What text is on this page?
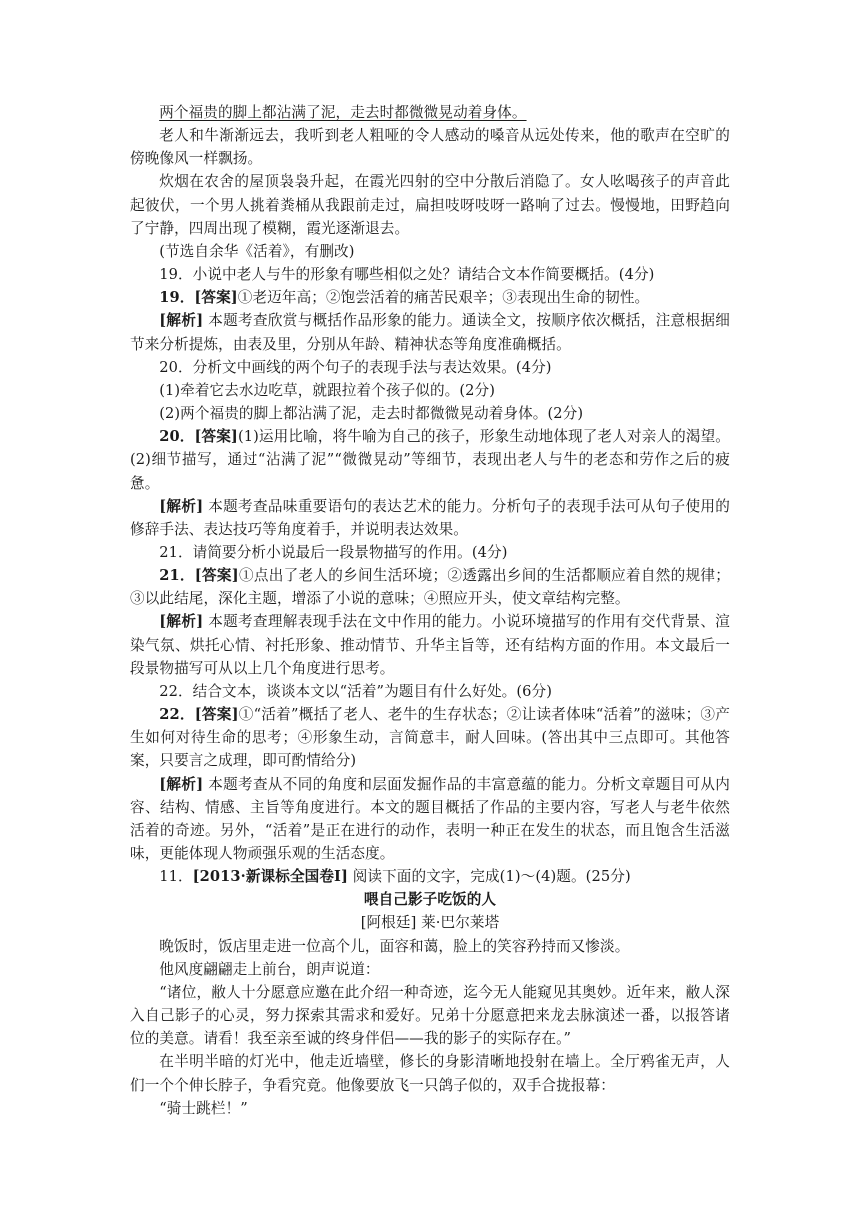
两个福贵的脚上都沾满了泥，走去时都微微晃动着身体。

老人和牛渐渐远去，我听到老人粗哑的令人感动的嗓音从远处传来，他的歌声在空旷的傍晚像风一样飘扬。

炊烟在农舍的屋顶袅袅升起，在霞光四射的空中分散后消隐了。女人吆喝孩子的声音此起彼伏，一个男人挑着粪桶从我跟前走过，扁担吱呀吱呀一路响了过去。慢慢地，田野趋向了宁静，四周出现了模糊，霞光逐渐退去。

(节选自余华《活着》，有删改)

19．小说中老人与牛的形象有哪些相似之处？请结合文本作简要概括。(4分)

19．[答案]①老迈年高；②饱尝活着的痛苦民艰辛；③表现出生命的韧性。

[解析] 本题考查欣赏与概括作品形象的能力。通读全文，按顺序依次概括，注意根据细节来分析提炼，由表及里，分别从年龄、精神状态等角度准确概括。

20．分析文中画线的两个句子的表现手法与表达效果。(4分)

(1)牵着它去水边吃草，就跟拉着个孩子似的。(2分)

(2)两个福贵的脚上都沾满了泥，走去时都微微晃动着身体。(2分)

20．[答案](1)运用比喻，将牛喻为自己的孩子，形象生动地体现了老人对亲人的渴望。(2)细节描写，通过“沾满了泥”“微微晃动”等细节，表现出老人与牛的老态和劳作之后的疲惫。

[解析] 本题考查品味重要语句的表达艺术的能力。分析句子的表现手法可从句子使用的修辞手法、表达技巧等角度着手，并说明表达效果。

21．请简要分析小说最后一段景物描写的作用。(4分)

21．[答案]①点出了老人的乡间生活环境；②透露出乡间的生活都顺应着自然的规律；③以此结尾，深化主题，增添了小说的意味；④照应开头，使文章结构完整。

[解析] 本题考查理解表现手法在文中作用的能力。小说环境描写的作用有交代背景、渲染气氛、烘托心情、衬托形象、推动情节、升华主旨等，还有结构方面的作用。本文最后一段景物描写可从以上几个角度进行思考。

22．结合文本，谈谈本文以“活着”为题目有什么好处。(6分)

22．[答案]①“活着”概括了老人、老牛的生存状态；②让读者体味“活着”的滋味；③产生如何对待生命的思考；④形象生动，言简意丰，耐人回味。(答出其中三点即可。其他答案，只要言之成理，即可酌情给分)

[解析] 本题考查从不同的角度和层面发掘作品的丰富意蕴的能力。分析文章题目可从内容、结构、情感、主旨等角度进行。本文的题目概括了作品的主要内容，写老人与老牛依然活着的奇迹。另外，“活着”是正在进行的动作，表明一种正在发生的状态，而且饱含生活滋味，更能体现人物顽强乐观的生活态度。

11．[2013·新课标全国卷Ⅰ] 阅读下面的文字，完成(1)～(4)题。(25分)

喂自己影子吃饭的人

[阿根廷] 莱·巴尔莱塔

晚饭时，饭店里走进一位高个儿，面容和蔼，脸上的笑容矜持而又惨淡。

他风度翩翩走上前台，朗声说道：

“诸位，敝人十分愿意应邀在此介绍一种奇迹，迄今无人能窥见其奥妙。近年来，敝人深入自己影子的心灵，努力探索其需求和爱好。兄弟十分愿意把来龙去脉演述一番，以报答诸位的美意。请看！我至亲至诚的终身伴侣——我的影子的实际存在。”

在半明半暗的灯光中，他走近墙壁，修长的身影清晰地投射在墙上。全厅鸦雀无声，人们一个个伸长脖子，争看究竟。他像要放飞一只鸽子似的，双手合拢报幕：

“骑士跳栏！”
